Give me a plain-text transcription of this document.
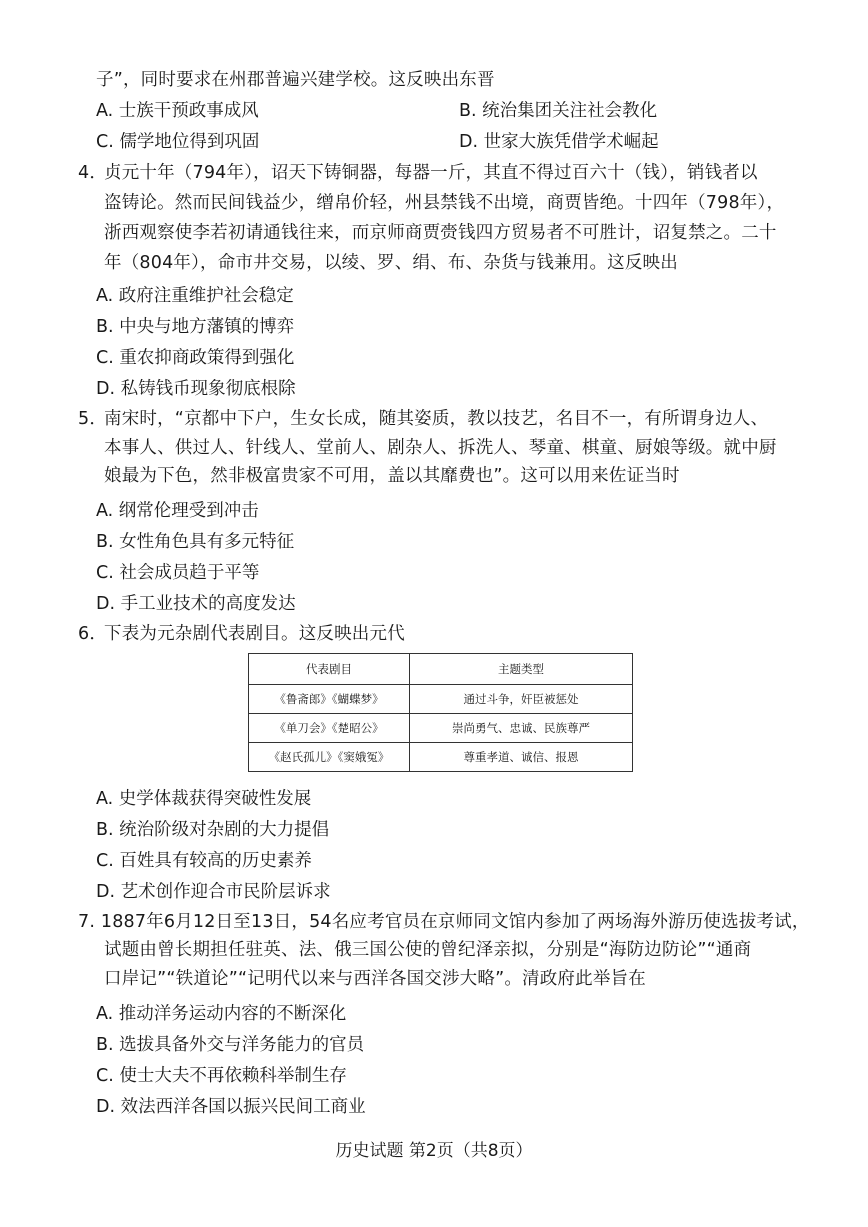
子”，同时要求在州郡普遍兴建学校。这反映出东晋
A. 士族干预政事成风	B. 统治集团关注社会教化
C. 儒学地位得到巩固	D. 世家大族凭借学术崛起
4．
贞元十年（794年），诏天下铸铜器，每器一斤，其直不得过百六十（钱），销钱者以
盗铸论。然而民间钱益少，缯帛价轻，州县禁钱不出境，商贾皆绝。十四年（798年），
浙西观察使李若初请通钱往来，而京师商贾赍钱四方贸易者不可胜计，诏复禁之。二十
年（804年），命市井交易，以绫、罗、绢、布、杂货与钱兼用。这反映出
A. 政府注重维护社会稳定
B. 中央与地方藩镇的博弈
C. 重农抑商政策得到强化
D. 私铸钱币现象彻底根除
5．
南宋时，“京都中下户，生女长成，随其姿质，教以技艺，名目不一，有所谓身边人、
本事人、供过人、针线人、堂前人、剧杂人、拆洗人、琴童、棋童、厨娘等级。就中厨
娘最为下色，然非极富贵家不可用，盖以其靡费也”。这可以用来佐证当时
A. 纲常伦理受到冲击
B. 女性角色具有多元特征
C. 社会成员趋于平等
D. 手工业技术的高度发达
6．
下表为元杂剧代表剧目。这反映出元代
代表剧目	主题类型
《鲁斋郎》《蝴蝶梦》	通过斗争，奸臣被惩处
《单刀会》《楚昭公》	崇尚勇气、忠诚、民族尊严
《赵氏孤儿》《窦娥冤》	尊重孝道、诚信、报恩
A. 史学体裁获得突破性发展
B. 统治阶级对杂剧的大力提倡
C. 百姓具有较高的历史素养
D. 艺术创作迎合市民阶层诉求
7. 1887年6月12日至13日，54名应考官员在京师同文馆内参加了两场海外游历使选拔考试，
试题由曾长期担任驻英、法、俄三国公使的曾纪泽亲拟，分别是“海防边防论”“通商
口岸记”“铁道论”“记明代以来与西洋各国交涉大略”。清政府此举旨在
A. 推动洋务运动内容的不断深化
B. 选拔具备外交与洋务能力的官员
C. 使士大夫不再依赖科举制生存
D. 效法西洋各国以振兴民间工商业
历史试题 第2页（共8页）
